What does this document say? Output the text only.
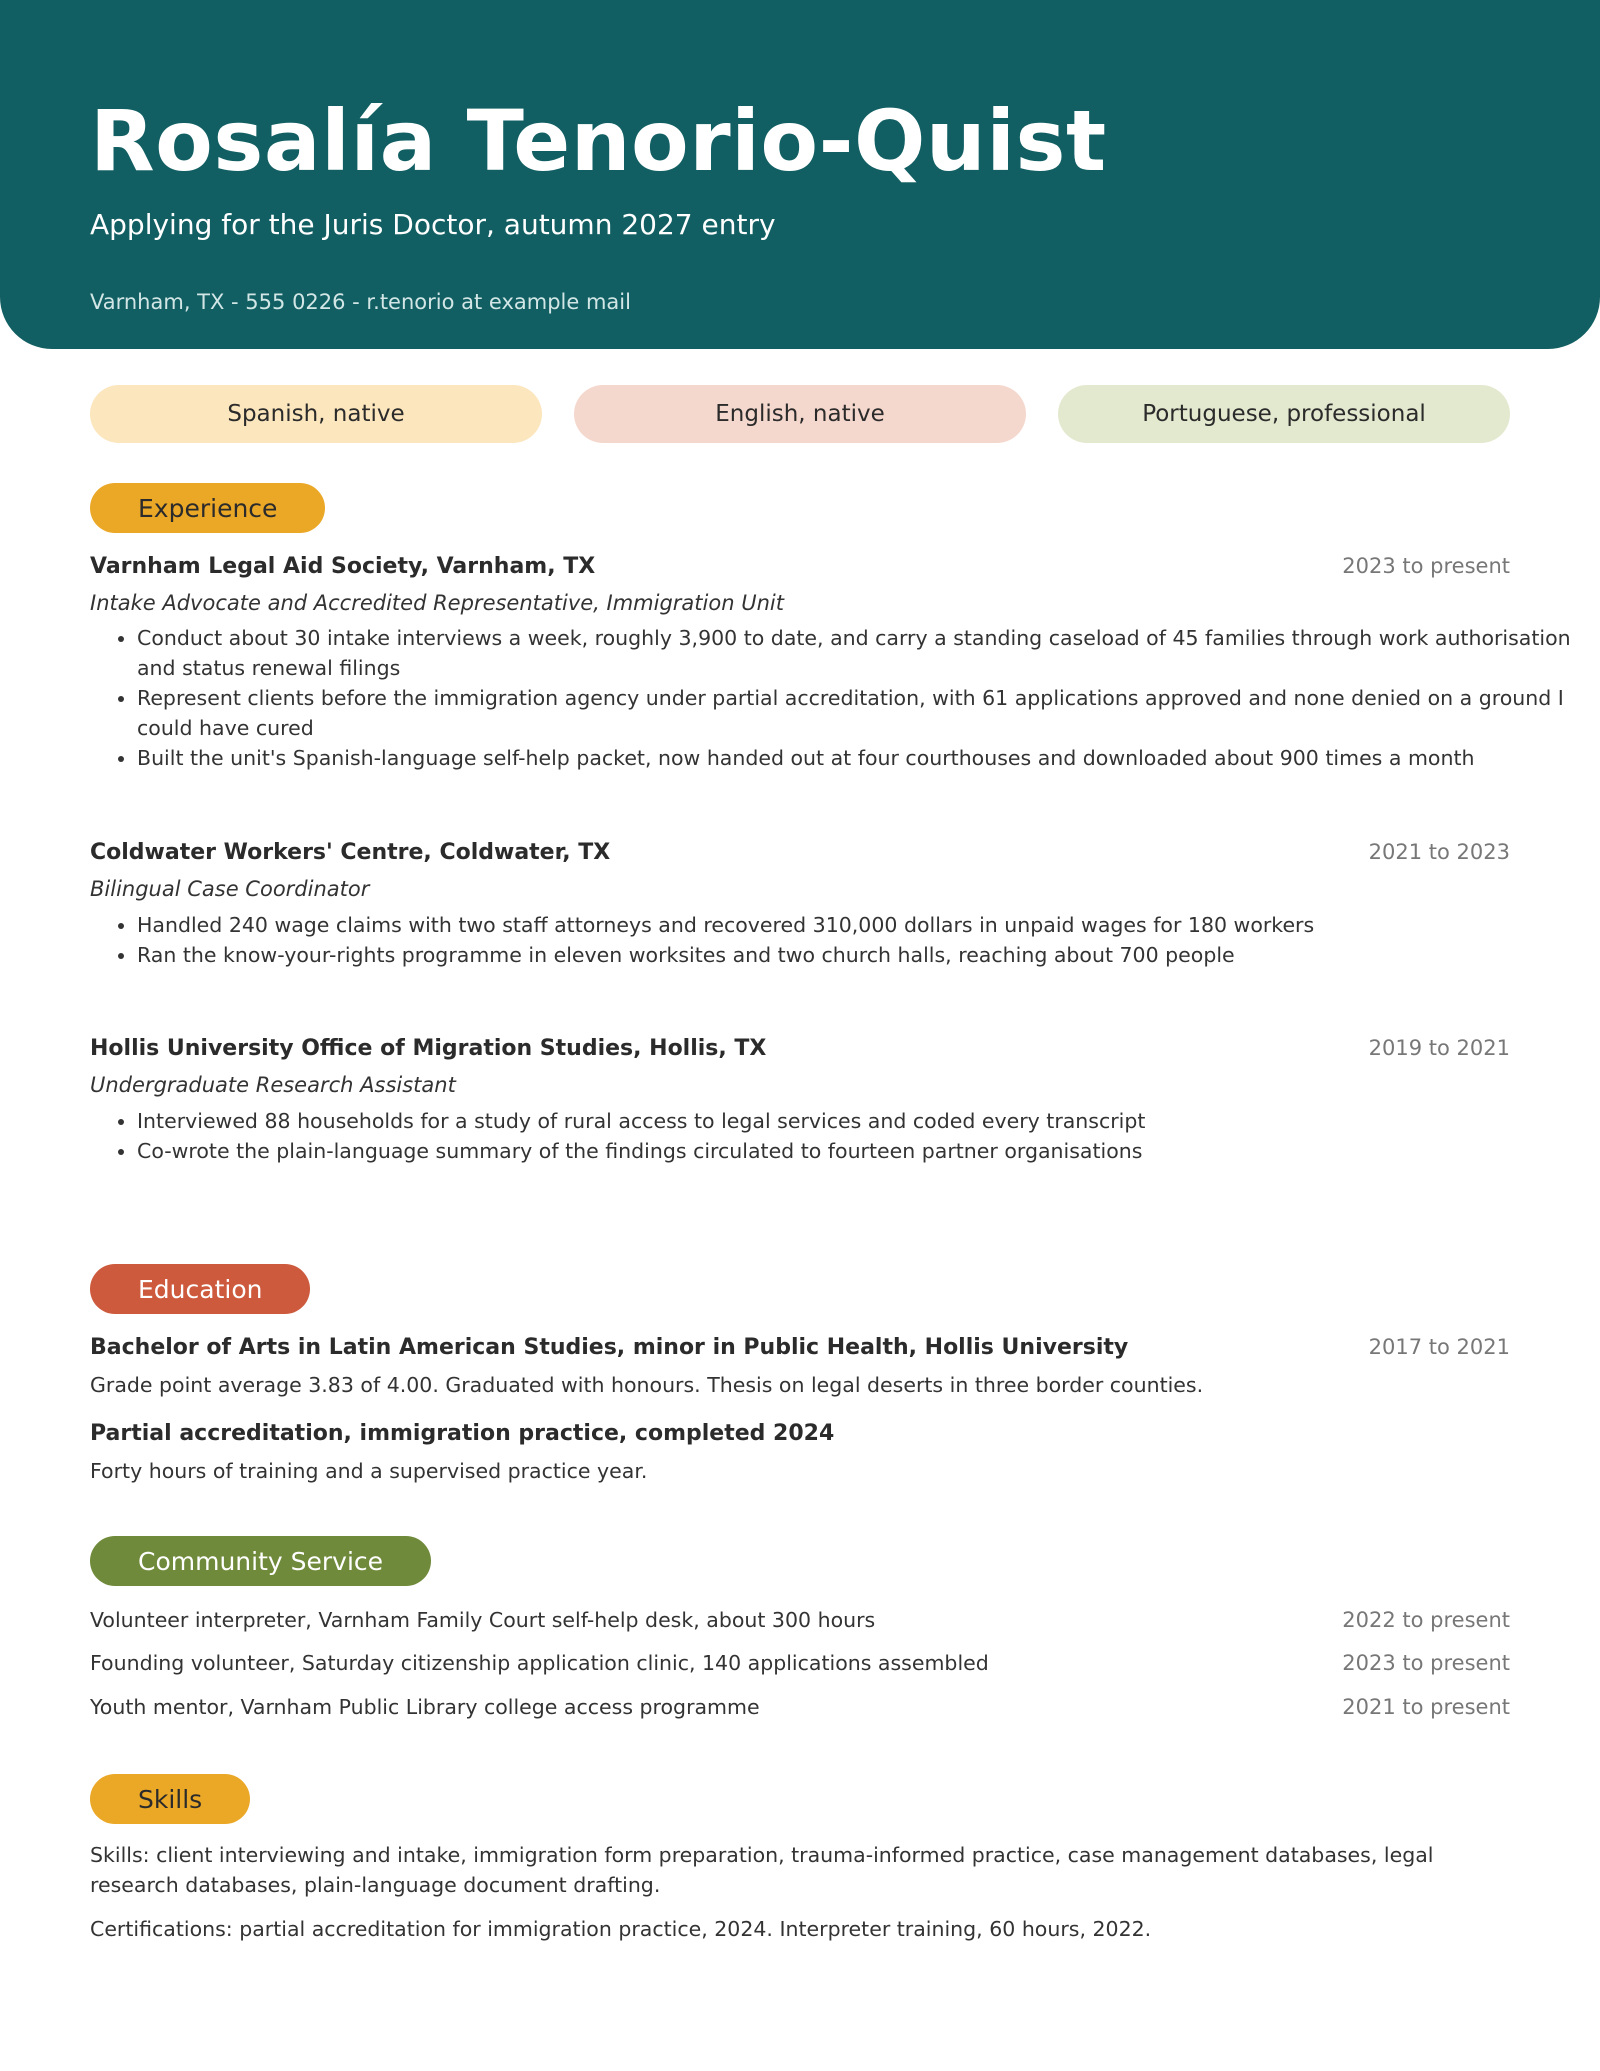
Rosalía Tenorio-Quist
Applying for the Juris Doctor, autumn 2027 entry
Varnham, TX - 555 0226 - r.tenorio at example mail
Spanish, native	English, native	Portuguese, professional
Experience
Varnham Legal Aid Society, Varnham, TX	2023 to present
Intake Advocate and Accredited Representative, Immigration Unit
• Conduct about 30 intake interviews a week, roughly 3,900 to date, and carry a standing caseload of 45 families through work authorisation and status renewal filings
• Represent clients before the immigration agency under partial accreditation, with 61 applications approved and none denied on a ground I could have cured
• Built the unit's Spanish-language self-help packet, now handed out at four courthouses and downloaded about 900 times a month
Coldwater Workers' Centre, Coldwater, TX	2021 to 2023
Bilingual Case Coordinator
• Handled 240 wage claims with two staff attorneys and recovered 310,000 dollars in unpaid wages for 180 workers
• Ran the know-your-rights programme in eleven worksites and two church halls, reaching about 700 people
Hollis University Office of Migration Studies, Hollis, TX	2019 to 2021
Undergraduate Research Assistant
• Interviewed 88 households for a study of rural access to legal services and coded every transcript
• Co-wrote the plain-language summary of the findings circulated to fourteen partner organisations
Education
Bachelor of Arts in Latin American Studies, minor in Public Health, Hollis University	2017 to 2021
Grade point average 3.83 of 4.00. Graduated with honours. Thesis on legal deserts in three border counties.
Partial accreditation, immigration practice, completed 2024
Forty hours of training and a supervised practice year.
Community Service
Volunteer interpreter, Varnham Family Court self-help desk, about 300 hours	2022 to present
Founding volunteer, Saturday citizenship application clinic, 140 applications assembled	2023 to present
Youth mentor, Varnham Public Library college access programme	2021 to present
Skills
Skills: client interviewing and intake, immigration form preparation, trauma-informed practice, case management databases, legal research databases, plain-language document drafting.
Certifications: partial accreditation for immigration practice, 2024. Interpreter training, 60 hours, 2022.
